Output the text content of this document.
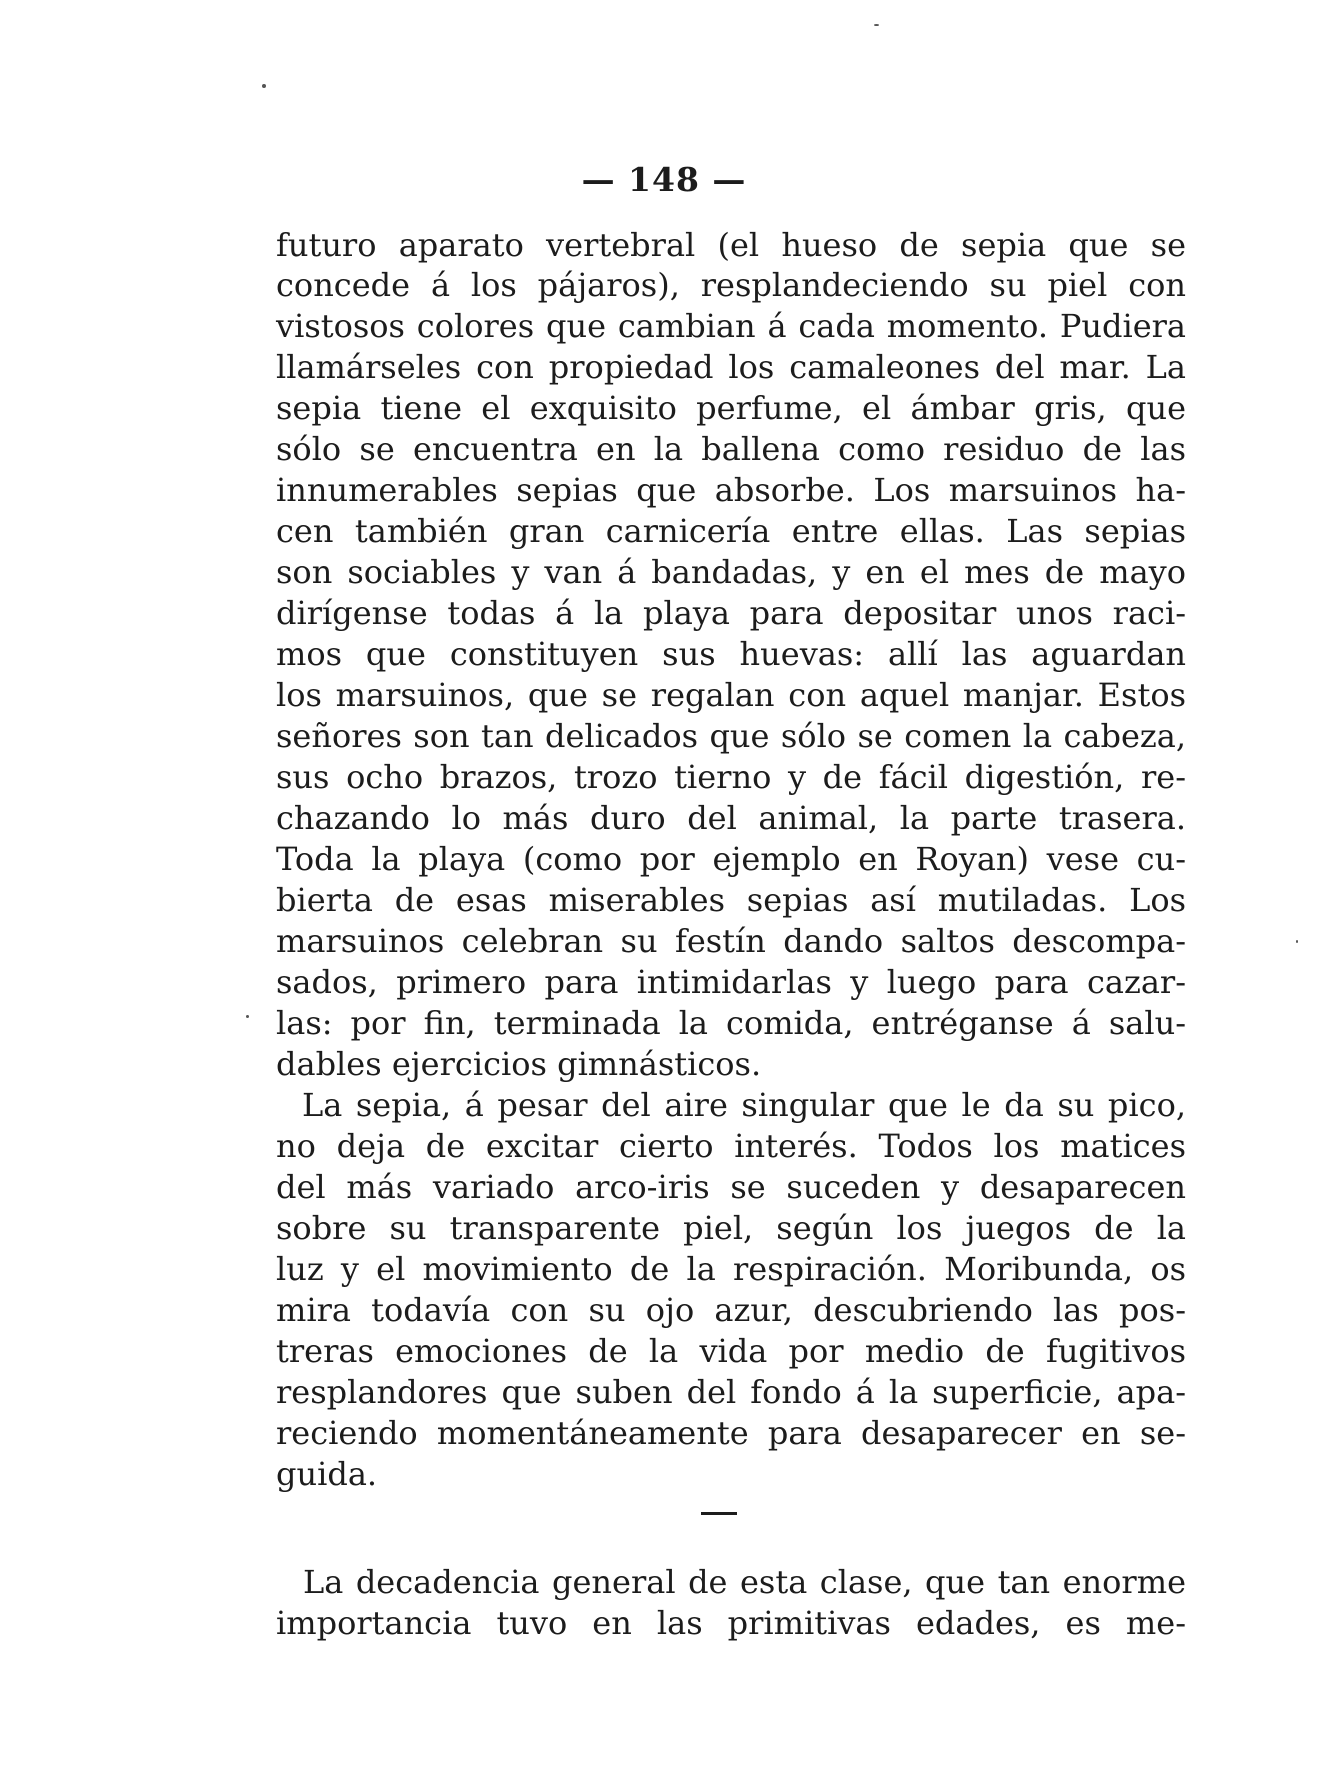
— 148 —
futuro aparato vertebral (el hueso de sepia que se
concede á los pájaros), resplandeciendo su piel con
vistosos colores que cambian á cada momento. Pudiera
llamárseles con propiedad los camaleones del mar. La
sepia tiene el exquisito perfume, el ámbar gris, que
sólo se encuentra en la ballena como residuo de las
innumerables sepias que absorbe. Los marsuinos ha-
cen también gran carnicería entre ellas. Las sepias
son sociables y van á bandadas, y en el mes de mayo
dirígense todas á la playa para depositar unos raci-
mos que constituyen sus huevas: allí las aguardan
los marsuinos, que se regalan con aquel manjar. Estos
señores son tan delicados que sólo se comen la cabeza,
sus ocho brazos, trozo tierno y de fácil digestión, re-
chazando lo más duro del animal, la parte trasera.
Toda la playa (como por ejemplo en Royan) vese cu-
bierta de esas miserables sepias así mutiladas. Los
marsuinos celebran su festín dando saltos descompa-
sados, primero para intimidarlas y luego para cazar-
las: por fin, terminada la comida, entréganse á salu-
dables ejercicios gimnásticos.
La sepia, á pesar del aire singular que le da su pico,
no deja de excitar cierto interés. Todos los matices
del más variado arco-iris se suceden y desaparecen
sobre su transparente piel, según los juegos de la
luz y el movimiento de la respiración. Moribunda, os
mira todavía con su ojo azur, descubriendo las pos-
treras emociones de la vida por medio de fugitivos
resplandores que suben del fondo á la superficie, apa-
reciendo momentáneamente para desaparecer en se-
guida.
La decadencia general de esta clase, que tan enorme
importancia tuvo en las primitivas edades, es me-
